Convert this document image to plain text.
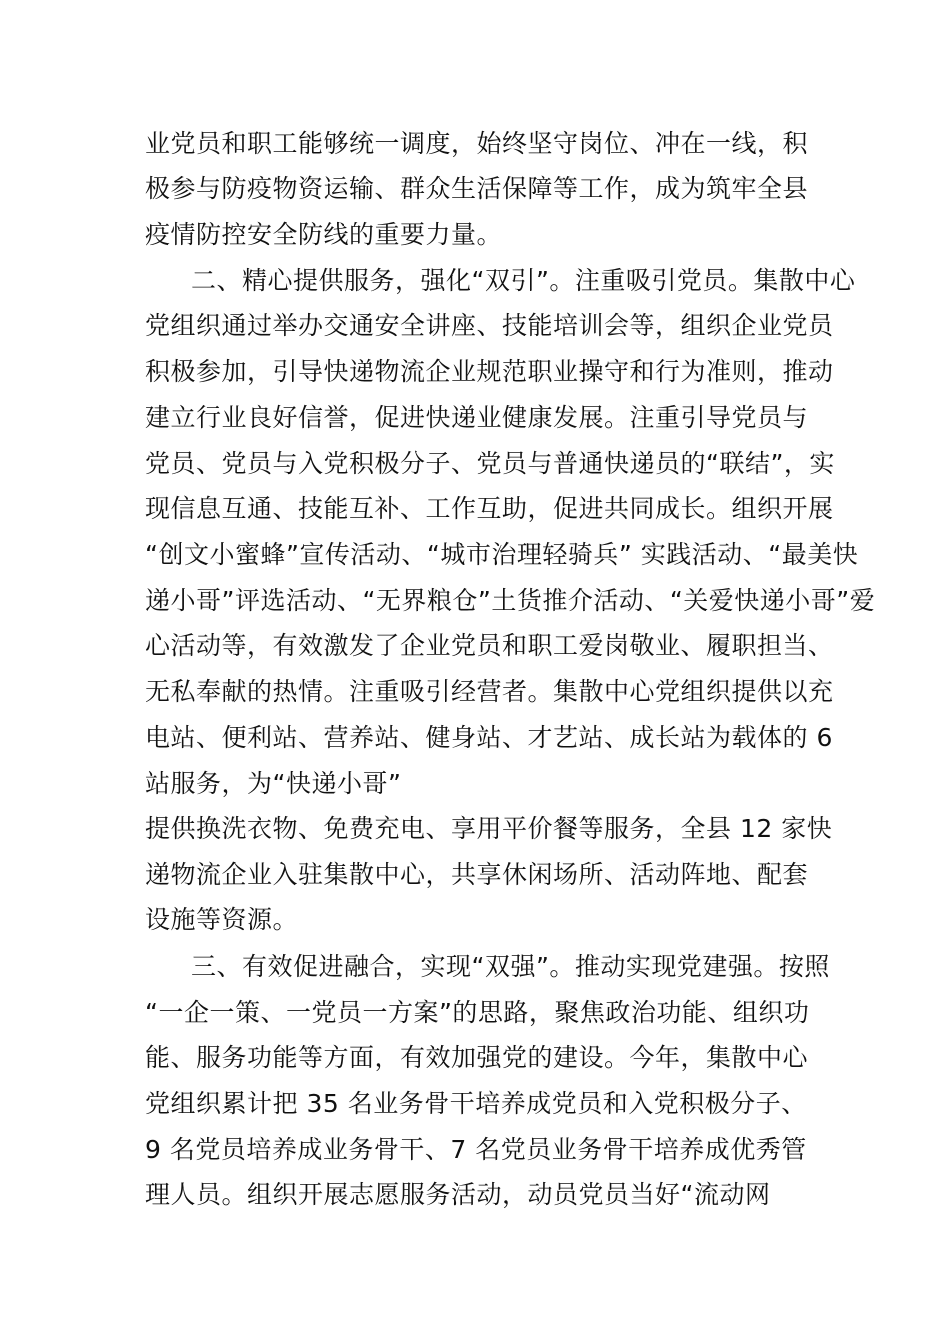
业党员和职工能够统一调度，始终坚守岗位、冲在一线，积
极参与防疫物资运输、群众生活保障等工作，成为筑牢全县
疫情防控安全防线的重要力量。
二、精心提供服务，强化“双引”。注重吸引党员。集散中心
党组织通过举办交通安全讲座、技能培训会等，组织企业党员
积极参加，引导快递物流企业规范职业操守和行为准则，推动
建立行业良好信誉，促进快递业健康发展。注重引导党员与
党员、党员与入党积极分子、党员与普通快递员的“联结”，实
现信息互通、技能互补、工作互助，促进共同成长。组织开展
“创文小蜜蜂”宣传活动、“城市治理轻骑兵” 实践活动、“最美快
递小哥”评选活动、“无界粮仓”土货推介活动、“关爱快递小哥”爱
心活动等，有效激发了企业党员和职工爱岗敬业、履职担当、
无私奉献的热情。注重吸引经营者。集散中心党组织提供以充
电站、便利站、营养站、健身站、才艺站、成长站为载体的 6
站服务，为“快递小哥”
提供换洗衣物、免费充电、享用平价餐等服务，全县 12 家快
递物流企业入驻集散中心，共享休闲场所、活动阵地、配套
设施等资源。
三、有效促进融合，实现“双强”。推动实现党建强。按照
“一企一策、一党员一方案”的思路，聚焦政治功能、组织功
能、服务功能等方面，有效加强党的建设。今年，集散中心
党组织累计把 35 名业务骨干培养成党员和入党积极分子、
9 名党员培养成业务骨干、7 名党员业务骨干培养成优秀管
理人员。组织开展志愿服务活动，动员党员当好“流动网
